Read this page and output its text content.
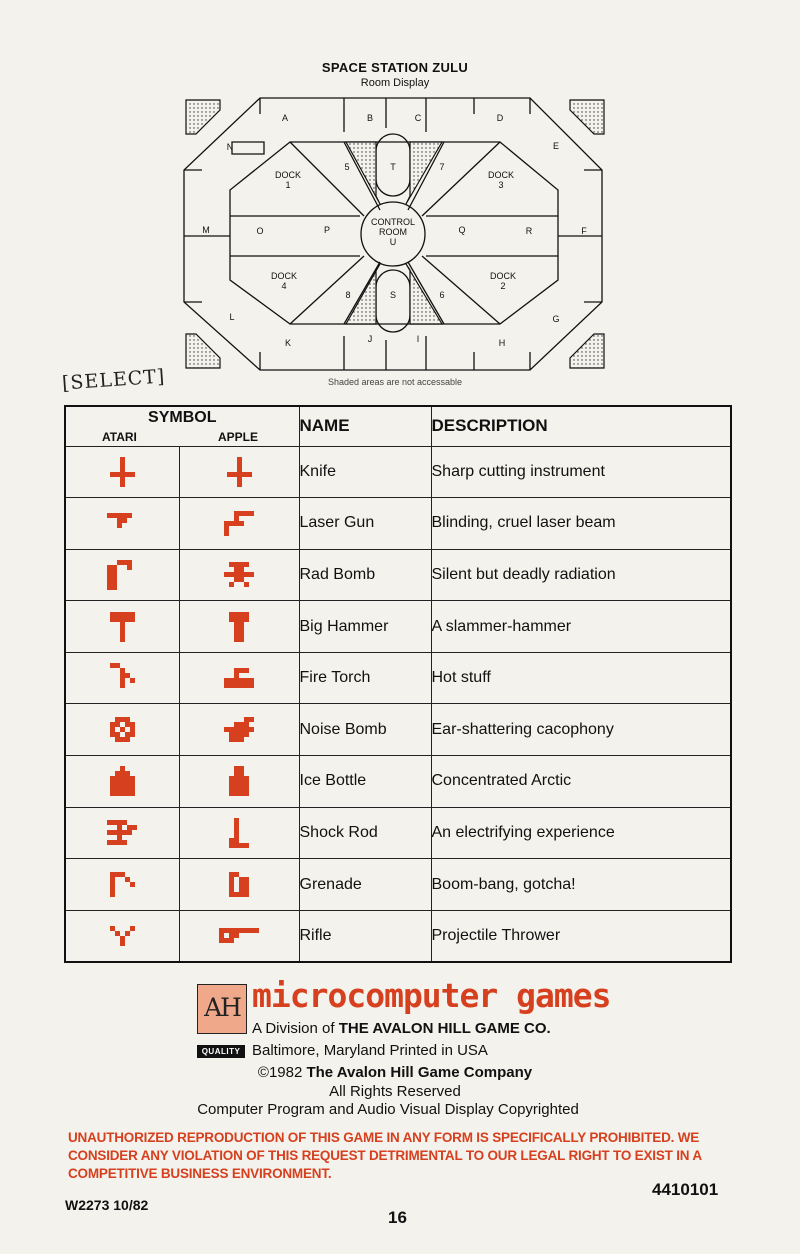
SPACE STATION ZULU
Room Display
A	B	C	D
E
F
G
H
I
J
K
L
M
N
O	P	Q	R
T
S
5	7
8	6
DOCK
1
DOCK
3
DOCK
4
DOCK
2
CONTROL
ROOM
U
Shaded areas are not accessable
[SELECT]
SYMBOL
ATARI APPLE		NAME	DESCRIPTION
		Knife	Sharp cutting instrument
		Laser Gun	Blinding, cruel laser beam
		Rad Bomb	Silent but deadly radiation
		Big Hammer	A slammer-hammer
		Fire Torch	Hot stuff
		Noise Bomb	Ear-shattering cacophony
		Ice Bottle	Concentrated Arctic
		Shock Rod	An electrifying experience
		Grenade	Boom-bang, gotcha!
		Rifle	Projectile Thrower
AH
QUALITY
microcomputer games
A Division of THE AVALON HILL GAME CO.
Baltimore, Maryland Printed in USA
©1982 The Avalon Hill Game Company
All Rights Reserved
Computer Program and Audio Visual Display Copyrighted
UNAUTHORIZED REPRODUCTION OF THIS GAME IN ANY FORM IS SPECIFICALLY PROHIBITED. WE CONSIDER ANY VIOLATION OF THIS REQUEST DETRIMENTAL TO OUR LEGAL RIGHT TO EXIST IN A COMPETITIVE BUSINESS ENVIRONMENT.
4410101
W2273 10/82
16
